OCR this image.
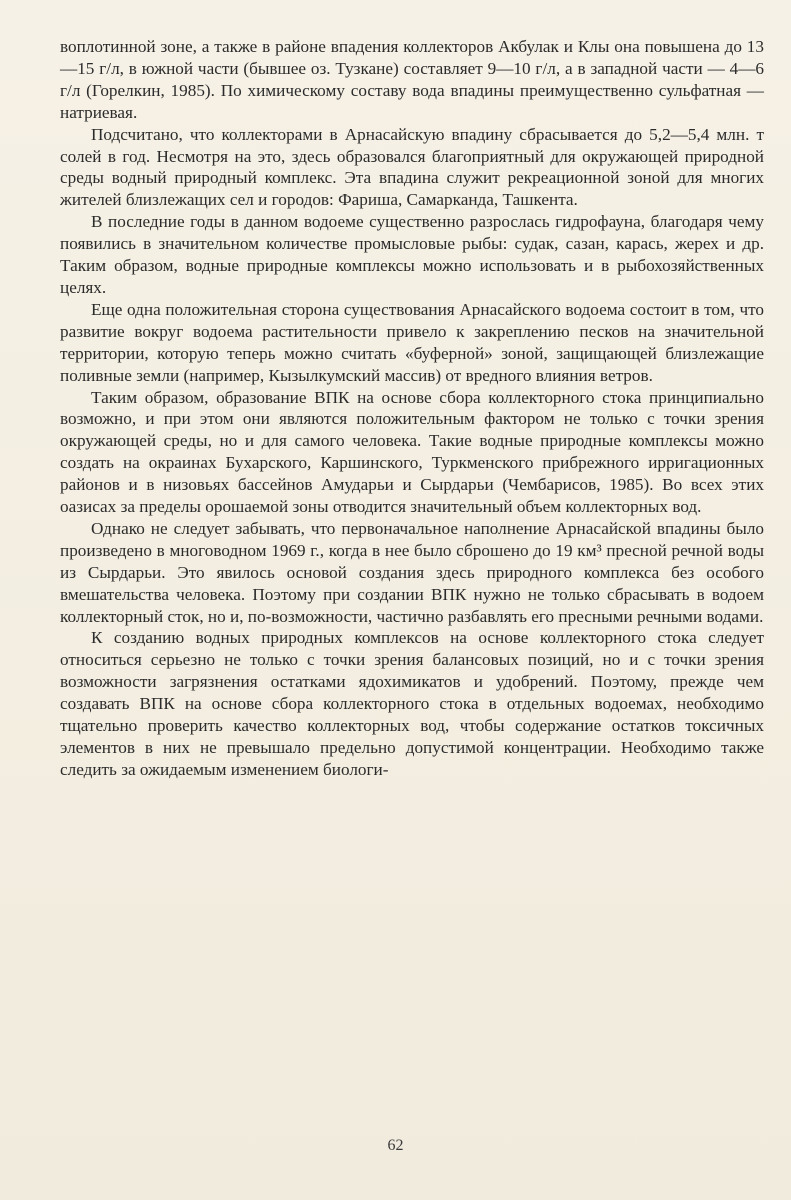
воплотинной зоне, а также в районе впадения коллекторов Акбулак и Клы она повышена до 13—15 г/л, в южной части (бывшее оз. Тузкане) составляет 9—10 г/л, а в западной части — 4—6 г/л (Горелкин, 1985). По химическому составу вода впадины преимущественно сульфатная — натриевая.

Подсчитано, что коллекторами в Арнасайскую впадину сбрасывается до 5,2—5,4 млн. т солей в год. Несмотря на это, здесь образовался благоприятный для окружающей природной среды водный природный комплекс. Эта впадина служит рекреационной зоной для многих жителей близлежащих сел и городов: Фариша, Самарканда, Ташкента.

В последние годы в данном водоеме существенно разрослась гидрофауна, благодаря чему появились в значительном количестве промысловые рыбы: судак, сазан, карась, жерех и др. Таким образом, водные природные комплексы можно использовать и в рыбохозяйственных целях.

Еще одна положительная сторона существования Арнасайского водоема состоит в том, что развитие вокруг водоема растительности привело к закреплению песков на значительной территории, которую теперь можно считать «буферной» зоной, защищающей близлежащие поливные земли (например, Кызылкумский массив) от вредного влияния ветров.

Таким образом, образование ВПК на основе сбора коллекторного стока принципиально возможно, и при этом они являются положительным фактором не только с точки зрения окружающей среды, но и для самого человека. Такие водные природные комплексы можно создать на окраинах Бухарского, Каршинского, Туркменского прибрежного ирригационных районов и в низовьях бассейнов Амударьи и Сырдарьи (Чембарисов, 1985). Во всех этих оазисах за пределы орошаемой зоны отводится значительный объем коллекторных вод.

Однако не следует забывать, что первоначальное наполнение Арнасайской впадины было произведено в многоводном 1969 г., когда в нее было сброшено до 19 км³ пресной речной воды из Сырдарьи. Это явилось основой создания здесь природного комплекса без особого вмешательства человека. Поэтому при создании ВПК нужно не только сбрасывать в водоем коллекторный сток, но и, по-возможности, частично разбавлять его пресными речными водами.

К созданию водных природных комплексов на основе коллекторного стока следует относиться серьезно не только с точки зрения балансовых позиций, но и с точки зрения возможности загрязнения остатками ядохимикатов и удобрений. Поэтому, прежде чем создавать ВПК на основе сбора коллекторного стока в отдельных водоемах, необходимо тщательно проверить качество коллекторных вод, чтобы содержание остатков токсичных элементов в них не превышало предельно допустимой концентрации. Необходимо также следить за ожидаемым изменением биологи-

62
